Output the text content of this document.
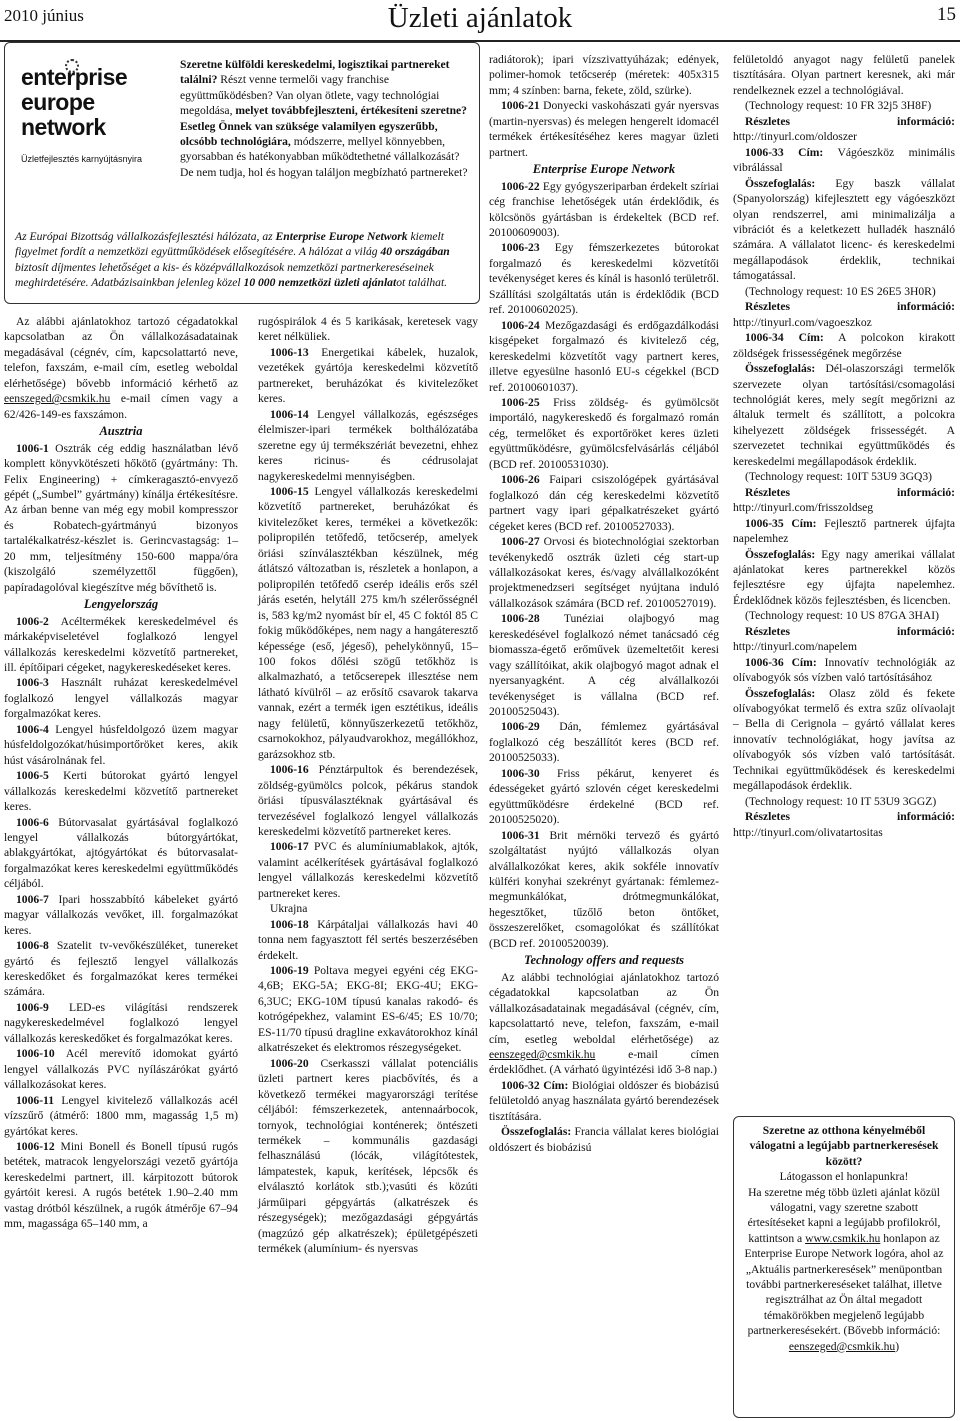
2010 június	Üzleti ajánlatok	15
enterprise
europe
network
Üzletfejlesztés karnyújtásnyira
Szeretne külföldi kereskedelmi, logisztikai partnereket találni? Részt venne termelői vagy franchise együttműködésben? Van olyan ötlete, vagy technológiai megoldása, melyet továbbfejleszteni, értékesíteni szeretne? Esetleg Önnek van szüksége valamilyen egyszerűbb, olcsóbb technológiára, módszerre, mellyel könnyebben, gyorsabban és hatékonyabban működtethetné vállalkozását? De nem tudja, hol és hogyan találjon megbízható partnereket?
Az Európai Bizottság vállalkozásfejlesztési hálózata, az Enterprise Europe Network kiemelt figyelmet fordít a nemzetközi együttműködések elősegítésére. A hálózat a világ 40 országában biztosít díjmentes lehetőséget a kis- és középvállalkozások nemzetközi partnerkereséseinek meghirdetésére. Adatbázisainkban jelenleg közel 10 000 nemzetközi üzleti ajánlatot találhat.

Az alábbi ajánlatokhoz tartozó cégadatokkal kapcsolatban az Ön vállalkozásadatainak megadásával (cégnév, cím, kapcsolattartó neve, telefon, faxszám, e-mail cím, esetleg weboldal elérhetősége) bővebb információ kérhető az eenszeged@csmkik.hu e-mail címen vagy a 62/426-149-es faxszámon.

Ausztria

1006-1 Osztrák cég eddig használatban lévő komplett könyvkötészeti hőkötő (gyártmány: Th. Felix Engineering) + címkeragasztó-envyező gépét („Sumbel” gyártmány) kínálja értékesítésre. Az árban benne van még egy mobil kompresszor és Robatech-gyártmányú bizonyos tartalékalkatrész-készlet is. Gerincvastagság: 1–20 mm, teljesítmény 150-600 mappa/óra (kiszolgáló személyzettől függően), papíradagolóval kiegészítve még bővíthető is.

Lengyelország

1006-2 Acéltermékek kereskedelmével és márkaképviseletével foglalkozó lengyel vállalkozás kereskedelmi közvetítő partnereket, ill. építőipari cégeket, nagykereskedéseket keres.

1006-3 Használt ruházat kereskedelmével foglalkozó lengyel vállalkozás magyar forgalmazókat keres.

1006-4 Lengyel húsfeldolgozó üzem magyar húsfeldolgozókat/húsimportőröket keres, akik húst vásárolnának fel.

1006-5 Kerti bútorokat gyártó lengyel vállalkozás kereskedelmi közvetítő partnereket keres.

1006-6 Bútorvasalat gyártásával foglalkozó lengyel vállalkozás bútorgyártókat, ablakgyártókat, ajtógyártókat és bútorvasalat-forgalmazókat keres kereskedelmi együttműködés céljából.

1006-7 Ipari hosszabbító kábeleket gyártó magyar vállalkozás vevőket, ill. forgalmazókat keres.

1006-8 Szatelit tv-vevőkészüléket, tunereket gyártó és fejlesztő lengyel vállalkozás kereskedőket és forgalmazókat keres termékei számára.

1006-9 LED-es világítási rendszerek nagykereskedelmével foglalkozó lengyel vállalkozás kereskedőket és forgalmazókat keres.

1006-10 Acél merevítő idomokat gyártó lengyel vállalkozás PVC nyílászárókat gyártó vállalkozásokat keres.

1006-11 Lengyel kivitelező vállalkozás acél vízszűrő (átmérő: 1800 mm, magasság 1,5 m) gyártókat keres.

1006-12 Mini Bonell és Bonell típusú rugós betétek, matracok lengyelországi vezető gyártója kereskedelmi partnert, ill. kárpitozott bútorok gyártóit keresi. A rugós betétek 1.90–2.40 mm vastag drótból készülnek, a rugók átmérője 67–94 mm, magassága 65–140 mm, a

rugóspirálok 4 és 5 karikásak, keretesek vagy keret nélküliek.

1006-13 Energetikai kábelek, huzalok, vezetékek gyártója kereskedelmi közvetítő partnereket, beruházókat és kivitelezőket keres.

1006-14 Lengyel vállalkozás, egészséges élelmiszer-ipari termékek bolthálózatába szeretne egy új termékszériát bevezetni, ehhez keres ricinus- és cédrusolajat nagykereskedelmi mennyiségben.

1006-15 Lengyel vállalkozás kereskedelmi közvetítő partnereket, beruházókat és kivitelezőket keres, termékei a következők: polipropilén tetőfedő, tetőcserép, amelyek öriási színválasztékban készülnek, még átlátszó változatban is, részletek a honlapon, a polipropilén tetőfedő cserép ideális erős szél járás esetén, helytáll 275 km/h szélerősségnél is, 583 kg/m2 nyomást bír el, 45 C foktól 85 C fokig működőképes, nem nagy a hangáteresztő képessége (eső, jégeső), pehelykönnyű, 15–100 fokos dőlési szögű tetőkhöz is alkalmazható, a tetőcserepek illesztése nem látható kívülről – az erősítő csavarok takarva vannak, ezért a termék igen esztétikus, ideális nagy felületű, könnyűszerkezetű tetőkhöz, csarnokokhoz, pályaudvarokhoz, megállókhoz, garázsokhoz stb.

1006-16 Pénztárpultok és berendezések, zöldség-gyümölcs polcok, pékárus standok öriási típusválasztéknak gyártásával és tervezésével foglalkozó lengyel vállalkozás kereskedelmi közvetítő partnereket keres.

1006-17 PVC és alumíniumablakok, ajtók, valamint acélkerítések gyártásával foglalkozó lengyel vállalkozás kereskedelmi közvetítő partnereket keres.

Ukrajna

1006-18 Kárpátaljai vállalkozás havi 40 tonna nem fagyasztott fél sertés beszerzésében érdekelt.

1006-19 Poltava megyei egyéni cég EKG-4,6B; EKG-5A; EKG-8I; EKG-4U; EKG-6,3UC; EKG-10M típusú kanalas rakodó- és kotrógépekhez, valamint ES-6/45; ES 10/70; ES-11/70 típusú dragline exkavátorokhoz kínál alkatrészeket és elektromos részegységeket.

1006-20 Cserkasszi vállalat potenciális üzleti partnert keres piacbővítés, és a következő termékei magyarországi terítése céljából: fémszerkezetek, antennaárbocok, tornyok, technológiai konténerek; öntészeti termékek – kommunális gazdasági felhasználású (lócák, világítótestek, lámpatestek, kapuk, kerítések, lépcsők és elválasztó korlátok stb.);vasúti és közúti járműipari gépgyártás (alkatrészek és részegységek); mezőgazdasági gépgyártás (magzúzó gép alkatrészek); épületgépészeti termékek (alumínium- és nyersvas

radiátorok); ipari vízszivattyúházak; edények, polimer-homok tetőcserép (méretek: 405x315 mm; 4 színben: barna, fekete, zöld, szürke).

1006-21 Donyecki vaskohászati gyár nyersvas (martin-nyersvas) és melegen hengerelt idomacél termékek értékesítéséhez keres magyar üzleti partnert.

Enterprise Europe Network

1006-22 Egy gyógyszeriparban érdekelt szíriai cég franchise lehetőségek után érdeklődik, és kölcsönös gyártásban is érdekeltek (BCD ref. 20100609003).

1006-23 Egy fémszerkezetes bútorokat forgalmazó és kereskedelmi közvetítői tevékenységet keres és kínál is hasonló területről. Szállítási szolgáltatás után is érdeklődik (BCD ref. 20100602025).

1006-24 Mezőgazdasági és erdőgazdálkodási kisgépeket forgalmazó és kivitelező cég, kereskedelmi közvetítőt vagy partnert keres, illetve egyesülne hasonló EU-s cégekkel (BCD ref. 20100601037).

1006-25 Friss zöldség- és gyümölcsöt importáló, nagykereskedő és forgalmazó román cég, termelőket és exportőröket keres üzleti együttműködésre, gyümölcsfelvásárlás céljából (BCD ref. 20100531030).

1006-26 Faipari csiszológépek gyártásával foglalkozó dán cég kereskedelmi közvetítő partnert vagy ipari gépalkatrészeket gyártó cégeket keres (BCD ref. 20100527033).

1006-27 Orvosi és biotechnológiai szektorban tevékenykedő osztrák üzleti cég start-up vállalkozásokat keres, és/vagy alvállalkozóként projektmenedzseri segítséget nyújtana induló vállalkozások számára (BCD ref. 20100527019).

1006-28 Tunéziai olajbogyó mag kereskedésével foglalkozó német tanácsadó cég biomassza-égető erőművek üzemeltetőit keresi vagy szállítóikat, akik olajbogyó magot adnak el nyersanyagként. A cég alvállalkozói tevékenységet is vállalna (BCD ref. 20100525043).

1006-29 Dán, fémlemez gyártásával foglalkozó cég beszállítót keres (BCD ref. 20100525033).

1006-30 Friss pékárut, kenyeret és édességeket gyártó szlovén céget kereskedelmi együttműködésre érdekelné (BCD ref. 20100525020).

1006-31 Brit mérnöki tervező és gyártó szolgáltatást nyújtó vállalkozás olyan alvállalkozókat keres, akik sokféle innovatív külféri konyhai szekrényt gyártanak: fémlemez-megmunkálókat, drótmegmunkálókat, hegesztőket, tűzőlő beton öntőket, összeszerelőket, csomagolókat és szállítókat (BCD ref. 20100520039).

Technology offers and requests

Az alábbi technológiai ajánlatokhoz tartozó cégadatokkal kapcsolatban az Ön vállalkozásadatainak megadásával (cégnév, cím, kapcsolattartó neve, telefon, faxszám, e-mail cím, esetleg weboldal elérhetősége) az eenszeged@csmkik.hu	e-mail címen érdeklődhet. (A várható ügyintézési idő 3-8 nap.)

1006-32 Cím: Biológiai oldószer és biobázisú felületoldó anyag használata gyártó berendezések tisztítására.

Összefoglalás: Francia vállalat keres biológiai oldószert és biobázisú

felületoldó anyagot nagy felületű panelek tisztítására. Olyan partnert keresnek, aki már rendelkeznek ezzel a technológiával.

(Technology request: 10 FR 32j5 3H8F)

Részletes információ: http://tinyurl.com/oldoszer

1006-33 Cím: Vágóeszköz minimális vibrálással

Összefoglalás: Egy baszk vállalat (Spanyolország) kifejlesztett egy vágóeszközt olyan rendszerrel, ami minimalizálja a vibrációt és a keletkezett hulladék használó számára. A vállalatot licenc- és kereskedelmi megállapodások érdeklik, technikai támogatással.

(Technology request: 10 ES 26E5 3H0R)

Részletes információ: http://tinyurl.com/vagoeszkoz

1006-34 Cím: A polcokon kirakott zöldségek frissességének megőrzése

Összefoglalás: Dél-olaszországi termelők szervezete olyan tartósítási/csomagolási technológiát keres, mely segít megőrizni az általuk termelt és szállított, a polcokra kihelyezett zöldségek frissességét. A szervezetet technikai együttműködés és kereskedelmi megállapodások érdeklik.

(Technology request: 10IT 53U9 3GQ3)

Részletes információ: http://tinyurl.com/frisszoldseg

1006-35 Cím: Fejlesztő partnerek újfajta napelemhez

Összefoglalás: Egy nagy amerikai vállalat ajánlatokat keres partnerekkel közös fejlesztésre egy újfajta napelemhez. Érdeklődnek közös fejlesztésben, és licencben.

(Technology request: 10 US 87GA 3HAI)

Részletes információ: http://tinyurl.com/napelem

1006-36 Cím: Innovatív technológiák az olívabogyók sós vízben való tartósításához

Összefoglalás: Olasz zöld és fekete olívabogyókat termelő és extra szűz olívaolajt – Bella di Cerignola – gyártó vállalat keres innovatív technológiákat, hogy javítsa az olívabogyók sós vízben való tartósítását. Technikai együttműködések és kereskedelmi megállapodások érdeklik.

(Technology request: 10 IT 53U9 3GGZ)

Részletes információ: http://tinyurl.com/olivatartositas

Szeretne az otthona kényelméből válogatni a legújabb partnerkeresések között?

Látogasson el honlapunkra!

Ha szeretne még több üzleti ajánlat közül válogatni, vagy szeretne szabott értesítéseket kapni a legújabb profilokról, kattintson a www.csmkik.hu honlapon az Enterprise Europe Network logóra, ahol az „Aktuális partnerkeresések” menüpontban további partnerkereséseket találhat, illetve regisztrálhat az Ön által megadott témakörökben megjelenő legújabb partnerkeresésekért. (Bővebb információ: eenszeged@csmkik.hu)
